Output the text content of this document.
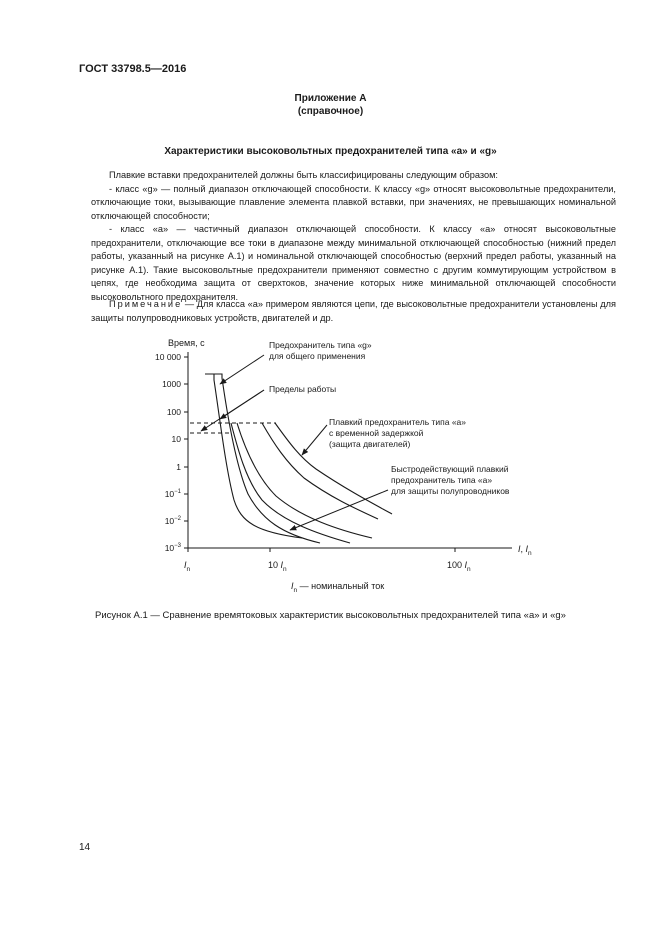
ГОСТ 33798.5—2016
Приложение А
(справочное)
Характеристики высоковольтных предохранителей типа «a» и «g»

Плавкие вставки предохранителей должны быть классифицированы следующим образом:

- класс «g» — полный диапазон отключающей способности. К классу «g» относят высоковольтные предохранители, отключающие токи, вызывающие плавление элемента плавкой вставки, при значениях, не превышающих номинальной отключающей способности;

- класс «a» — частичный диапазон отключающей способности. К классу «a» относят высоковольтные предохранители, отключающие все токи в диапазоне между минимальной отключающей способностью (нижний предел работы, указанный на рисунке А.1) и номинальной отключающей способностью (верхний предел работы, указанный на рисунке А.1). Такие высоковольтные предохранители применяют совместно с другим коммутирующим устройством в цепях, где необходима защита от сверхтоков, значение которых ниже минимальной отключающей способности высоковольтного предохранителя.

Примечание — Для класса «a» примером являются цепи, где высоковольтные предохранители установлены для защиты полупроводниковых устройств, двигателей и др.

Время, с
10 000
1000
100
10
1
$10^{-1}$
$10^{-2}$
$10^{-3}$
$I_n$	10 $I_n$	100 $I_n$
I, $I_n$
$I_n$ — номинальный ток
Предохранитель типа «g»
для общего применения
Пределы работы
Плавкий предохранитель типа «a»
с временной задержкой
(защита двигателей)
Быстродействующий плавкий
предохранитель типа «a»
для защиты полупроводников
Рисунок А.1 — Сравнение времятоковых характеристик высоковольтных предохранителей типа «a» и «g»
14
